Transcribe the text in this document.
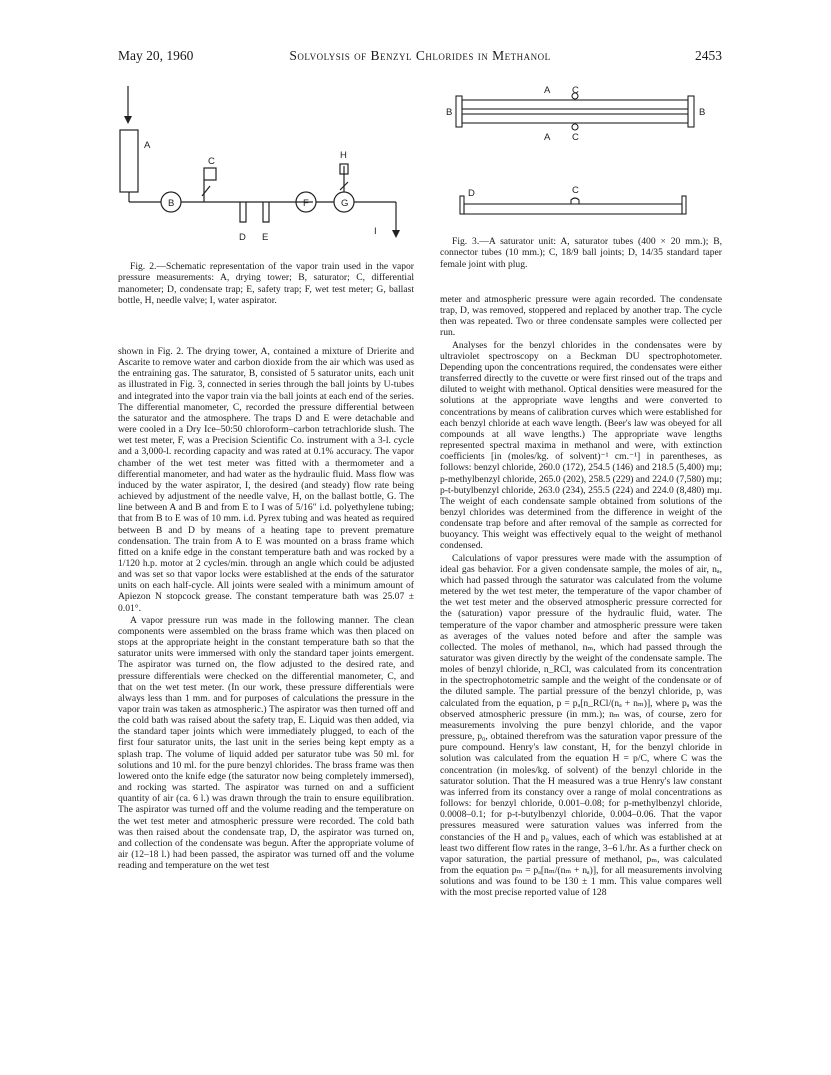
May 20, 1960	Solvolysis of Benzyl Chlorides in Methanol	2453
A
B
C
D E
F	G
H
I
Fig. 2.—Schematic representation of the vapor train used in the vapor pressure measurements: A, drying tower; B, saturator; C, differential manometer; D, condensate trap; E, safety trap; F, wet test meter; G, ballast bottle, H, needle valve; I, water aspirator.
A C
B	B
A C
D	C
Fig. 3.—A saturator unit: A, saturator tubes (400 × 20 mm.); B, connector tubes (10 mm.); C, 18/9 ball joints; D, 14/35 standard taper female joint with plug.

shown in Fig. 2. The drying tower, A, contained a mixture of Drierite and Ascarite to remove water and carbon dioxide from the air which was used as the entraining gas. The saturator, B, consisted of 5 saturator units, each unit as illustrated in Fig. 3, connected in series through the ball joints by U-tubes and integrated into the vapor train via the ball joints at each end of the series. The differential manometer, C, recorded the pressure differential between the saturator and the atmosphere. The traps D and E were detachable and were cooled in a Dry Ice–50:50 chloroform–carbon tetrachloride slush. The wet test meter, F, was a Precision Scientific Co. instrument with a 3-l. cycle and a 3,000-l. recording capacity and was rated at 0.1% accuracy. The vapor chamber of the wet test meter was fitted with a thermometer and a differential manometer, and had water as the hydraulic fluid. Mass flow was induced by the water aspirator, I, the desired (and steady) flow rate being achieved by adjustment of the needle valve, H, on the ballast bottle, G. The line between A and B and from E to I was of 5/16″ i.d. polyethylene tubing; that from B to E was of 10 mm. i.d. Pyrex tubing and was heated as required between B and D by means of a heating tape to prevent premature condensation. The train from A to E was mounted on a brass frame which fitted on a knife edge in the constant temperature bath and was rocked by a 1/120 h.p. motor at 2 cycles/min. through an angle which could be adjusted and was set so that vapor locks were established at the ends of the saturator units on each half-cycle. All joints were sealed with a minimum amount of Apiezon N stopcock grease. The constant temperature bath was 25.07 ± 0.01°.

A vapor pressure run was made in the following manner. The clean components were assembled on the brass frame which was then placed on stops at the appropriate height in the constant temperature bath so that the saturator units were immersed with only the standard taper joints emergent. The aspirator was turned on, the flow adjusted to the desired rate, and pressure differentials were checked on the differential manometer, C, and that on the wet test meter. (In our work, these pressure differentials were always less than 1 mm. and for purposes of calculations the pressure in the vapor train was taken as atmospheric.) The aspirator was then turned off and the cold bath was raised about the safety trap, E. Liquid was then added, via the standard taper joints which were immediately plugged, to each of the first four saturator units, the last unit in the series being kept empty as a splash trap. The volume of liquid added per saturator tube was 50 ml. for solutions and 10 ml. for the pure benzyl chlorides. The brass frame was then lowered onto the knife edge (the saturator now being completely immersed), and rocking was started. The aspirator was turned on and a sufficient quantity of air (ca. 6 l.) was drawn through the train to ensure equilibration. The aspirator was turned off and the volume reading and the temperature on the wet test meter and atmospheric pressure were recorded. The cold bath was then raised about the condensate trap, D, the aspirator was turned on, and collection of the condensate was begun. After the appropriate volume of air (12–18 l.) had been passed, the aspirator was turned off and the volume reading and temperature on the wet test

meter and atmospheric pressure were again recorded. The condensate trap, D, was removed, stoppered and replaced by another trap. The cycle then was repeated. Two or three condensate samples were collected per run.

Analyses for the benzyl chlorides in the condensates were by ultraviolet spectroscopy on a Beckman DU spectrophotometer. Depending upon the concentrations required, the condensates were either transferred directly to the cuvette or were first rinsed out of the traps and diluted to weight with methanol. Optical densities were measured for the solutions at the appropriate wave lengths and were converted to concentrations by means of calibration curves which were established for each benzyl chloride at each wave length. (Beer's law was obeyed for all compounds at all wave lengths.) The appropriate wave lengths represented spectral maxima in methanol and were, with extinction coefficients [in (moles/kg. of solvent)⁻¹ cm.⁻¹] in parentheses, as follows: benzyl chloride, 260.0 (172), 254.5 (146) and 218.5 (5,400) mμ; p-methylbenzyl chloride, 265.0 (202), 258.5 (229) and 224.0 (7,580) mμ; p-t-butylbenzyl chloride, 263.0 (234), 255.5 (224) and 224.0 (8,480) mμ. The weight of each condensate sample obtained from solutions of the benzyl chlorides was determined from the difference in weight of the condensate trap before and after removal of the sample as corrected for buoyancy. This weight was effectively equal to the weight of methanol condensed.

Calculations of vapor pressures were made with the assumption of ideal gas behavior. For a given condensate sample, the moles of air, nₐ, which had passed through the saturator was calculated from the volume metered by the wet test meter, the temperature of the vapor chamber of the wet test meter and the observed atmospheric pressure corrected for the (saturation) vapor pressure of the hydraulic fluid, water. The temperature of the vapor chamber and atmospheric pressure were taken as averages of the values noted before and after the sample was collected. The moles of methanol, nₘ, which had passed through the saturator was given directly by the weight of the condensate sample. The moles of benzyl chloride, n_RCl, was calculated from its concentration in the spectrophotometric sample and the weight of the condensate or of the diluted sample. The partial pressure of the benzyl chloride, p, was calculated from the equation, p = pₐ[n_RCl/(nₐ + nₘ)], where pₐ was the observed atmospheric pressure (in mm.); nₘ was, of course, zero for measurements involving the pure benzyl chloride, and the vapor pressure, p₀, obtained therefrom was the saturation vapor pressure of the pure compound. Henry's law constant, H, for the benzyl chloride in solution was calculated from the equation H = p/C, where C was the concentration (in moles/kg. of solvent) of the benzyl chloride in the saturator solution. That the H measured was a true Henry's law constant was inferred from its constancy over a range of molal concentrations as follows: for benzyl chloride, 0.001–0.08; for p-methylbenzyl chloride, 0.0008–0.1; for p-t-butylbenzyl chloride, 0.004–0.06. That the vapor pressures measured were saturation values was inferred from the constancies of the H and p₀ values, each of which was established at at least two different flow rates in the range, 3–6 l./hr. As a further check on vapor saturation, the partial pressure of methanol, pₘ, was calculated from the equation pₘ = pₐ[nₘ/(nₘ + nₐ)], for all measurements involving solutions and was found to be 130 ± 1 mm. This value compares well with the most precise reported value of 128
